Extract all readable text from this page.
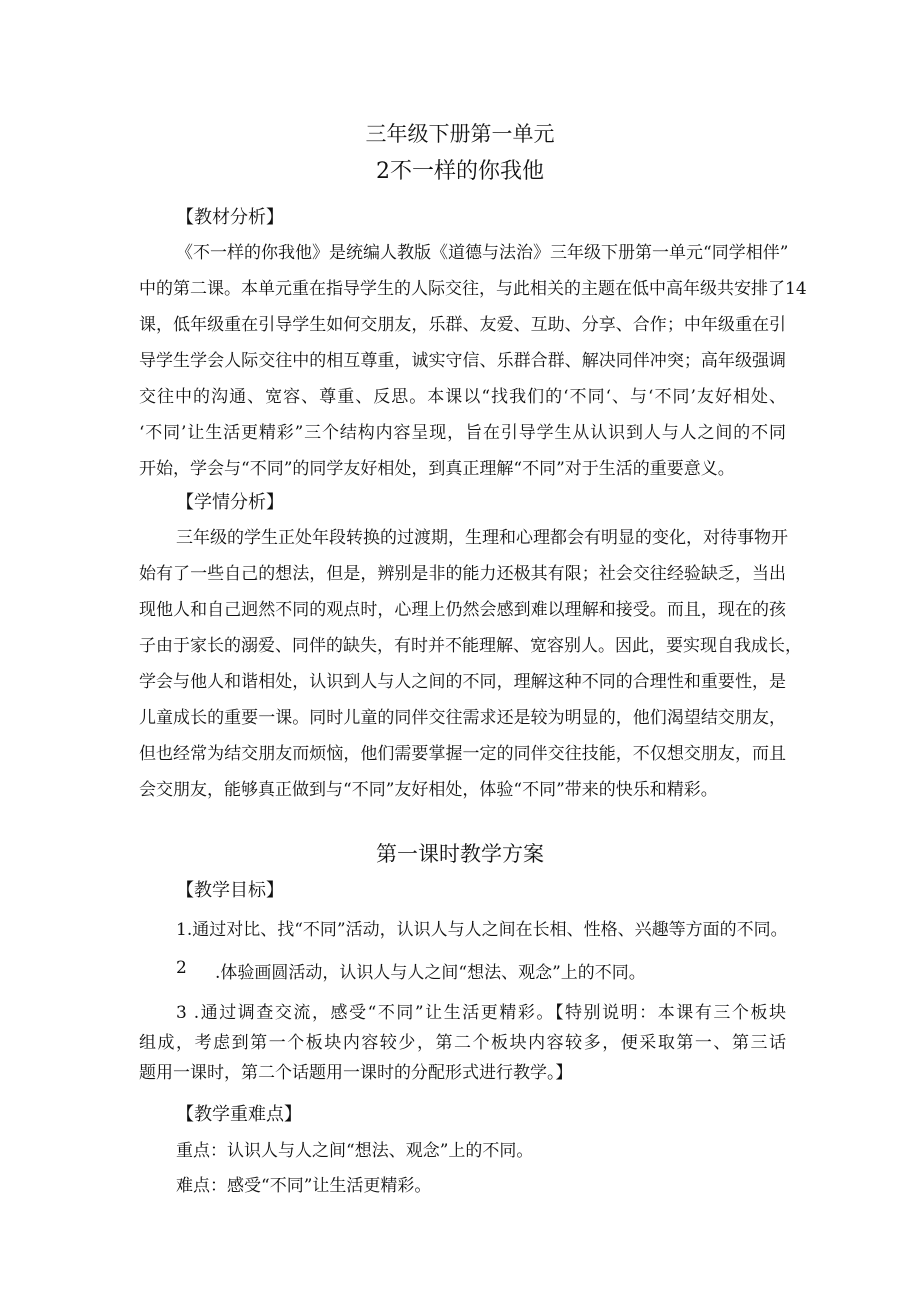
三年级下册第一单元
2不一样的你我他
【教材分析】
《不一样的你我他》是统编人教版《道德与法治》三年级下册第一单元“同学相伴”
中的第二课。本单元重在指导学生的人际交往，与此相关的主题在低中高年级共安排了14
课，低年级重在引导学生如何交朋友，乐群、友爱、互助、分享、合作；中年级重在引
导学生学会人际交往中的相互尊重，诚实守信、乐群合群、解决同伴冲突；高年级强调
交往中的沟通、宽容、尊重、反思。本课以“找我们的‘不同‘、与‘不同’友好相处、
‘不同’让生活更精彩”三个结构内容呈现，旨在引导学生从认识到人与人之间的不同
开始，学会与“不同”的同学友好相处，到真正理解“不同”对于生活的重要意义。
【学情分析】
三年级的学生正处年段转换的过渡期，生理和心理都会有明显的变化，对待事物开
始有了一些自己的想法，但是，辨别是非的能力还极其有限；社会交往经验缺乏，当出
现他人和自己迥然不同的观点时，心理上仍然会感到难以理解和接受。而且，现在的孩
子由于家长的溺爱、同伴的缺失，有时并不能理解、宽容别人。因此，要实现自我成长，
学会与他人和谐相处，认识到人与人之间的不同，理解这种不同的合理性和重要性，是
儿童成长的重要一课。同时儿童的同伴交往需求还是较为明显的，他们渴望结交朋友，
但也经常为结交朋友而烦恼，他们需要掌握一定的同伴交往技能，不仅想交朋友，而且
会交朋友，能够真正做到与“不同”友好相处，体验“不同”带来的快乐和精彩。
第一课时教学方案
【教学目标】
1.通过对比、找“不同”活动，认识人与人之间在长相、性格、兴趣等方面的不同。
2 .体验画圆活动，认识人与人之间“想法、观念”上的不同。
3 .通过调查交流，感受“不同”让生活更精彩。【特别说明：本课有三个板块
组成，考虑到第一个板块内容较少，第二个板块内容较多，便采取第一、第三话
题用一课时，第二个话题用一课时的分配形式进行教学。】
【教学重难点】
重点：认识人与人之间“想法、观念”上的不同。
难点：感受“不同”让生活更精彩。
